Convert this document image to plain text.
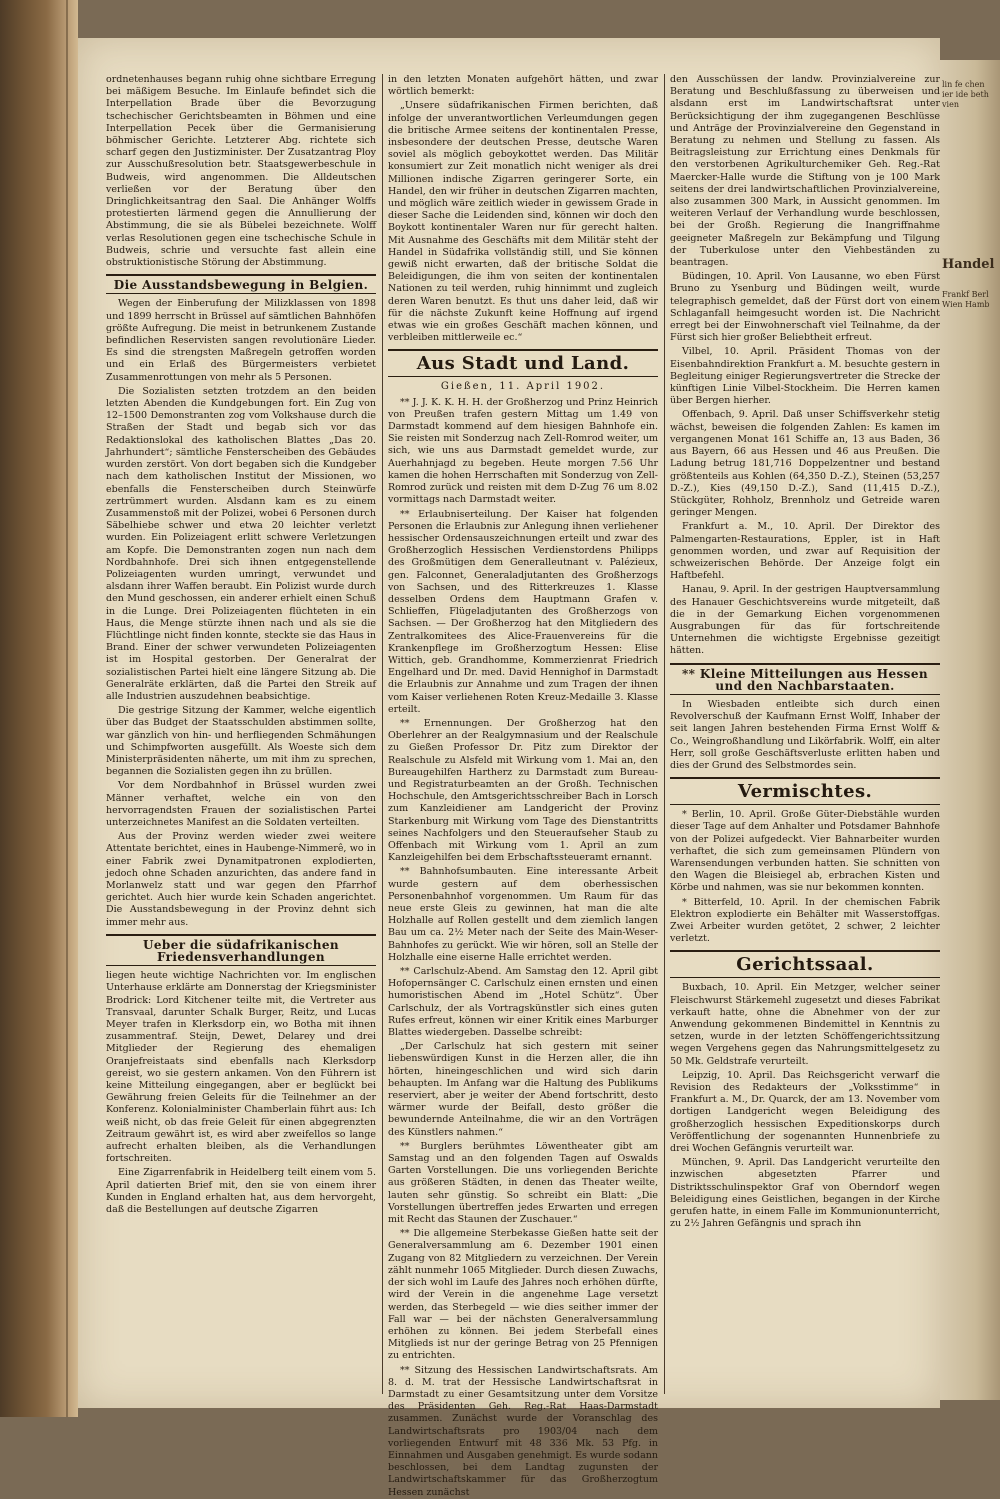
ordnetenhauses begann ruhig ohne sichtbare Erregung bei mäßigem Besuche. Im Einlaufe befindet sich die Interpellation Brade über die Bevorzugung tschechischer Gerichtsbeamten in Böhmen und eine Interpellation Pecek über die Germanisierung böhmischer Gerichte. Letzterer Abg. richtete sich scharf gegen den Justizminister. Der Zusatzantrag Ploy zur Ausschußresolution betr. Staatsgewerbeschule in Budweis, wird angenommen. Die Alldeutschen verließen vor der Beratung über den Dringlichkeitsantrag den Saal. Die Anhänger Wolffs protestierten lärmend gegen die Annullierung der Abstimmung, die sie als Bübelei bezeichnete. Wolff verlas Resolutionen gegen eine tschechische Schule in Budweis, schrie und versuchte fast allein eine obstruktionistische Störung der Abstimmung.

Die Ausstandsbewegung in Belgien.

Wegen der Einberufung der Milizklassen von 1898 und 1899 herrscht in Brüssel auf sämtlichen Bahnhöfen größte Aufregung. Die meist in betrunkenem Zustande befindlichen Reservisten sangen revolutionäre Lieder. Es sind die strengsten Maßregeln getroffen worden und ein Erlaß des Bürgermeisters verbietet Zusammenrottungen von mehr als 5 Personen.

Die Sozialisten setzten trotzdem an den beiden letzten Abenden die Kundgebungen fort. Ein Zug von 12–1500 Demonstranten zog vom Volkshause durch die Straßen der Stadt und begab sich vor das Redaktionslokal des katholischen Blattes „Das 20. Jahrhundert“; sämtliche Fensterscheiben des Gebäudes wurden zerstört. Von dort begaben sich die Kundgeber nach dem katholischen Institut der Missionen, wo ebenfalls die Fensterscheiben durch Steinwürfe zertrümmert wurden. Alsdann kam es zu einem Zusammenstoß mit der Polizei, wobei 6 Personen durch Säbelhiebe schwer und etwa 20 leichter verletzt wurden. Ein Polizeiagent erlitt schwere Verletzungen am Kopfe. Die Demonstranten zogen nun nach dem Nordbahnhofe. Drei sich ihnen entgegenstellende Polizeiagenten wurden umringt, verwundet und alsdann ihrer Waffen beraubt. Ein Polizist wurde durch den Mund geschossen, ein anderer erhielt einen Schuß in die Lunge. Drei Polizeiagenten flüchteten in ein Haus, die Menge stürzte ihnen nach und als sie die Flüchtlinge nicht finden konnte, steckte sie das Haus in Brand. Einer der schwer verwundeten Polizeiagenten ist im Hospital gestorben. Der Generalrat der sozialistischen Partei hielt eine längere Sitzung ab. Die Generalräte erklärten, daß die Partei den Streik auf alle Industrien auszudehnen beabsichtige.

Die gestrige Sitzung der Kammer, welche eigentlich über das Budget der Staatsschulden abstimmen sollte, war gänzlich von hin- und herfliegenden Schmähungen und Schimpfworten ausgefüllt. Als Woeste sich dem Ministerpräsidenten näherte, um mit ihm zu sprechen, begannen die Sozialisten gegen ihn zu brüllen.

Vor dem Nordbahnhof in Brüssel wurden zwei Männer verhaftet, welche ein von den hervorragendsten Frauen der sozialistischen Partei unterzeichnetes Manifest an die Soldaten verteilten.

Aus der Provinz werden wieder zwei weitere Attentate berichtet, eines in Haubenge-Nimmerê, wo in einer Fabrik zwei Dynamitpatronen explodierten, jedoch ohne Schaden anzurichten, das andere fand in Morlanwelz statt und war gegen den Pfarrhof gerichtet. Auch hier wurde kein Schaden angerichtet. Die Ausstandsbewegung in der Provinz dehnt sich immer mehr aus.

Ueber die südafrikanischen Friedensverhandlungen

liegen heute wichtige Nachrichten vor. Im englischen Unterhause erklärte am Donnerstag der Kriegsminister Brodrick: Lord Kitchener teilte mit, die Vertreter aus Transvaal, darunter Schalk Burger, Reitz, und Lucas Meyer trafen in Klerksdorp ein, wo Botha mit ihnen zusammentraf. Steijn, Dewet, Delarey und drei Mitglieder der Regierung des ehemaligen Oranjefreistaats sind ebenfalls nach Klerksdorp gereist, wo sie gestern ankamen. Von den Führern ist keine Mitteilung eingegangen, aber er beglückt bei Gewährung freien Geleits für die Teilnehmer an der Konferenz. Kolonialminister Chamberlain führt aus: Ich weiß nicht, ob das freie Geleit für einen abgegrenzten Zeitraum gewährt ist, es wird aber zweifellos so lange aufrecht erhalten bleiben, als die Verhandlungen fortschreiten.

Eine Zigarrenfabrik in Heidelberg teilt einem vom 5. April datierten Brief mit, den sie von einem ihrer Kunden in England erhalten hat, aus dem hervorgeht, daß die Bestellungen auf deutsche Zigarren

in den letzten Monaten aufgehört hätten, und zwar wörtlich bemerkt:

„Unsere südafrikanischen Firmen berichten, daß infolge der unverantwortlichen Verleumdungen gegen die britische Armee seitens der kontinentalen Presse, insbesondere der deutschen Presse, deutsche Waren soviel als möglich geboykottet werden. Das Militär konsumiert zur Zeit monatlich nicht weniger als drei Millionen indische Zigarren geringerer Sorte, ein Handel, den wir früher in deutschen Zigarren machten, und möglich wäre zeitlich wieder in gewissem Grade in dieser Sache die Leidenden sind, können wir doch den Boykott kontinentaler Waren nur für gerecht halten. Mit Ausnahme des Geschäfts mit dem Militär steht der Handel in Südafrika vollständig still, und Sie können gewiß nicht erwarten, daß der britische Soldat die Beleidigungen, die ihm von seiten der kontinentalen Nationen zu teil werden, ruhig hinnimmt und zugleich deren Waren benutzt. Es thut uns daher leid, daß wir für die nächste Zukunft keine Hoffnung auf irgend etwas wie ein großes Geschäft machen können, und verbleiben mittlerweile ec.“

Aus Stadt und Land.
Gießen, 11. April 1902.

** J. J. K. K. H. H. der Großherzog und Prinz Heinrich von Preußen trafen gestern Mittag um 1.49 von Darmstadt kommend auf dem hiesigen Bahnhofe ein. Sie reisten mit Sonderzug nach Zell-Romrod weiter, um sich, wie uns aus Darmstadt gemeldet wurde, zur Auerhahnjagd zu begeben. Heute morgen 7.56 Uhr kamen die hohen Herrschaften mit Sonderzug von Zell-Romrod zurück und reisten mit dem D-Zug 76 um 8.02 vormittags nach Darmstadt weiter.

** Erlaubniserteilung. Der Kaiser hat folgenden Personen die Erlaubnis zur Anlegung ihnen verliehener hessischer Ordensauszeichnungen erteilt und zwar des Großherzoglich Hessischen Verdienstordens Philipps des Großmütigen dem Generalleutnant v. Palézieux, gen. Falconnet, Generaladjutanten des Großherzogs von Sachsen, und des Ritterkreuzes 1. Klasse desselben Ordens dem Hauptmann Grafen v. Schlieffen, Flügeladjutanten des Großherzogs von Sachsen. — Der Großherzog hat den Mitgliedern des Zentralkomitees des Alice-Frauenvereins für die Krankenpflege im Großherzogtum Hessen: Elise Wittich, geb. Grandhomme, Kommerzienrat Friedrich Engelhard und Dr. med. David Hennighof in Darmstadt die Erlaubnis zur Annahme und zum Tragen der ihnen vom Kaiser verliehenen Roten Kreuz-Medaille 3. Klasse erteilt.

** Ernennungen. Der Großherzog hat den Oberlehrer an der Realgymnasium und der Realschule zu Gießen Professor Dr. Pitz zum Direktor der Realschule zu Alsfeld mit Wirkung vom 1. Mai an, den Bureaugehilfen Hartherz zu Darmstadt zum Bureau- und Registraturbeamten an der Großh. Technischen Hochschule, den Amtsgerichtsschreiber Bach in Lorsch zum Kanzleidiener am Landgericht der Provinz Starkenburg mit Wirkung vom Tage des Dienstantritts seines Nachfolgers und den Steueraufseher Staub zu Offenbach mit Wirkung vom 1. April an zum Kanzleigehilfen bei dem Erbschaftssteueramt ernannt.

** Bahnhofsumbauten. Eine interessante Arbeit wurde gestern auf dem oberhessischen Personenbahnhof vorgenommen. Um Raum für das neue erste Gleis zu gewinnen, hat man die alte Holzhalle auf Rollen gestellt und dem ziemlich langen Bau um ca. 2½ Meter nach der Seite des Main-Weser-Bahnhofes zu gerückt. Wie wir hören, soll an Stelle der Holzhalle eine eiserne Halle errichtet werden.

** Carlschulz-Abend. Am Samstag den 12. April gibt Hofopernsänger C. Carlschulz einen ernsten und einen humoristischen Abend im „Hotel Schütz“. Über Carlschulz, der als Vortragskünstler sich eines guten Rufes erfreut, können wir einer Kritik eines Marburger Blattes wiedergeben. Dasselbe schreibt:

„Der Carlschulz hat sich gestern mit seiner liebenswürdigen Kunst in die Herzen aller, die ihn hörten, hineingeschlichen und wird sich darin behaupten. Im Anfang war die Haltung des Publikums reserviert, aber je weiter der Abend fortschritt, desto wärmer wurde der Beifall, desto größer die bewundernde Anteilnahme, die wir an den Vorträgen des Künstlers nahmen.“

** Burglers berühmtes Löwentheater gibt am Samstag und an den folgenden Tagen auf Oswalds Garten Vorstellungen. Die uns vorliegenden Berichte aus größeren Städten, in denen das Theater weilte, lauten sehr günstig. So schreibt ein Blatt: „Die Vorstellungen übertreffen jedes Erwarten und erregen mit Recht das Staunen der Zuschauer.“

** Die allgemeine Sterbekasse Gießen hatte seit der Generalversammlung am 6. Dezember 1901 einen Zugang von 82 Mitgliedern zu verzeichnen. Der Verein zählt nunmehr 1065 Mitglieder. Durch diesen Zuwachs, der sich wohl im Laufe des Jahres noch erhöhen dürfte, wird der Verein in die angenehme Lage versetzt werden, das Sterbegeld — wie dies seither immer der Fall war — bei der nächsten Generalversammlung erhöhen zu können. Bei jedem Sterbefall eines Mitglieds ist nur der geringe Betrag von 25 Pfennigen zu entrichten.

** Sitzung des Hessischen Landwirtschaftsrats. Am 8. d. M. trat der Hessische Landwirtschaftsrat in Darmstadt zu einer Gesamtsitzung unter dem Vorsitze des Präsidenten Geh. Reg.-Rat Haas-Darmstadt zusammen. Zunächst wurde der Voranschlag des Landwirtschaftsrats pro 1903/04 nach dem vorliegenden Entwurf mit 48 336 Mk. 53 Pfg. in Einnahmen und Ausgaben genehmigt. Es wurde sodann beschlossen, bei dem Landtag zugunsten der Landwirtschaftskammer für das Großherzogtum Hessen zunächst

den Ausschüssen der landw. Provinzialvereine zur Beratung und Beschlußfassung zu überweisen und alsdann erst im Landwirtschaftsrat unter Berücksichtigung der ihm zugegangenen Beschlüsse und Anträge der Provinzialvereine den Gegenstand in Beratung zu nehmen und Stellung zu fassen. Als Beitragsleistung zur Errichtung eines Denkmals für den verstorbenen Agrikulturchemiker Geh. Reg.-Rat Maercker-Halle wurde die Stiftung von je 100 Mark seitens der drei landwirtschaftlichen Provinzialvereine, also zusammen 300 Mark, in Aussicht genommen. Im weiteren Verlauf der Verhandlung wurde beschlossen, bei der Großh. Regierung die Inangriffnahme geeigneter Maßregeln zur Bekämpfung und Tilgung der Tuberkulose unter den Viehbeständen zu beantragen.

Büdingen, 10. April. Von Lausanne, wo eben Fürst Bruno zu Ysenburg und Büdingen weilt, wurde telegraphisch gemeldet, daß der Fürst dort von einem Schlaganfall heimgesucht worden ist. Die Nachricht erregt bei der Einwohnerschaft viel Teilnahme, da der Fürst sich hier großer Beliebtheit erfreut.

Vilbel, 10. April. Präsident Thomas von der Eisenbahndirektion Frankfurt a. M. besuchte gestern in Begleitung einiger Regierungsvertreter die Strecke der künftigen Linie Vilbel-Stockheim. Die Herren kamen über Bergen hierher.

Offenbach, 9. April. Daß unser Schiffsverkehr stetig wächst, beweisen die folgenden Zahlen: Es kamen im vergangenen Monat 161 Schiffe an, 13 aus Baden, 36 aus Bayern, 66 aus Hessen und 46 aus Preußen. Die Ladung betrug 181,716 Doppelzentner und bestand größtenteils aus Kohlen (64,350 D.-Z.), Steinen (53,257 D.-Z.), Kies (49,150 D.-Z.), Sand (11,415 D.-Z.), Stückgüter, Rohholz, Brennholz und Getreide waren geringer Mengen.

Frankfurt a. M., 10. April. Der Direktor des Palmengarten-Restaurations, Eppler, ist in Haft genommen worden, und zwar auf Requisition der schweizerischen Behörde. Der Anzeige folgt ein Haftbefehl.

Hanau, 9. April. In der gestrigen Hauptversammlung des Hanauer Geschichtsvereins wurde mitgeteilt, daß die in der Gemarkung Eichen vorgenommenen Ausgrabungen für das für fortschreitende Unternehmen die wichtigste Ergebnisse gezeitigt hätten.

** Kleine Mitteilungen aus Hessen und den Nachbarstaaten.

In Wiesbaden entleibte sich durch einen Revolverschuß der Kaufmann Ernst Wolff, Inhaber der seit langen Jahren bestehenden Firma Ernst Wolff & Co., Weingroßhandlung und Likörfabrik. Wolff, ein alter Herr, soll große Geschäftsverluste erlitten haben und dies der Grund des Selbstmordes sein.

Vermischtes.

* Berlin, 10. April. Große Güter-Diebstähle wurden dieser Tage auf dem Anhalter und Potsdamer Bahnhofe von der Polizei aufgedeckt. Vier Bahnarbeiter wurden verhaftet, die sich zum gemeinsamen Plündern von Warensendungen verbunden hatten. Sie schnitten von den Wagen die Bleisiegel ab, erbrachen Kisten und Körbe und nahmen, was sie nur bekommen konnten.

* Bitterfeld, 10. April. In der chemischen Fabrik Elektron explodierte ein Behälter mit Wasserstoffgas. Zwei Arbeiter wurden getötet, 2 schwer, 2 leichter verletzt.

Gerichtssaal.

Buxbach, 10. April. Ein Metzger, welcher seiner Fleischwurst Stärkemehl zugesetzt und dieses Fabrikat verkauft hatte, ohne die Abnehmer von der zur Anwendung gekommenen Bindemittel in Kenntnis zu setzen, wurde in der letzten Schöffengerichtssitzung wegen Vergehens gegen das Nahrungsmittelgesetz zu 50 Mk. Geldstrafe verurteilt.

Leipzig, 10. April. Das Reichsgericht verwarf die Revision des Redakteurs der „Volksstimme“ in Frankfurt a. M., Dr. Quarck, der am 13. November vom dortigen Landgericht wegen Beleidigung des großherzoglich hessischen Expeditionskorps durch Veröffentlichung der sogenannten Hunnenbriefe zu drei Wochen Gefängnis verurteilt war.

München, 9. April. Das Landgericht verurteilte den inzwischen abgesetzten Pfarrer und Distriktsschulinspektor Graf von Oberndorf wegen Beleidigung eines Geistlichen, begangen in der Kirche gerufen hatte, in einem Falle im Kommunionunterricht, zu 2½ Jahren Gefängnis und sprach ihn

lin fe chen ier ide beth vien
Handel
Frankf Berl Wien Hamb
